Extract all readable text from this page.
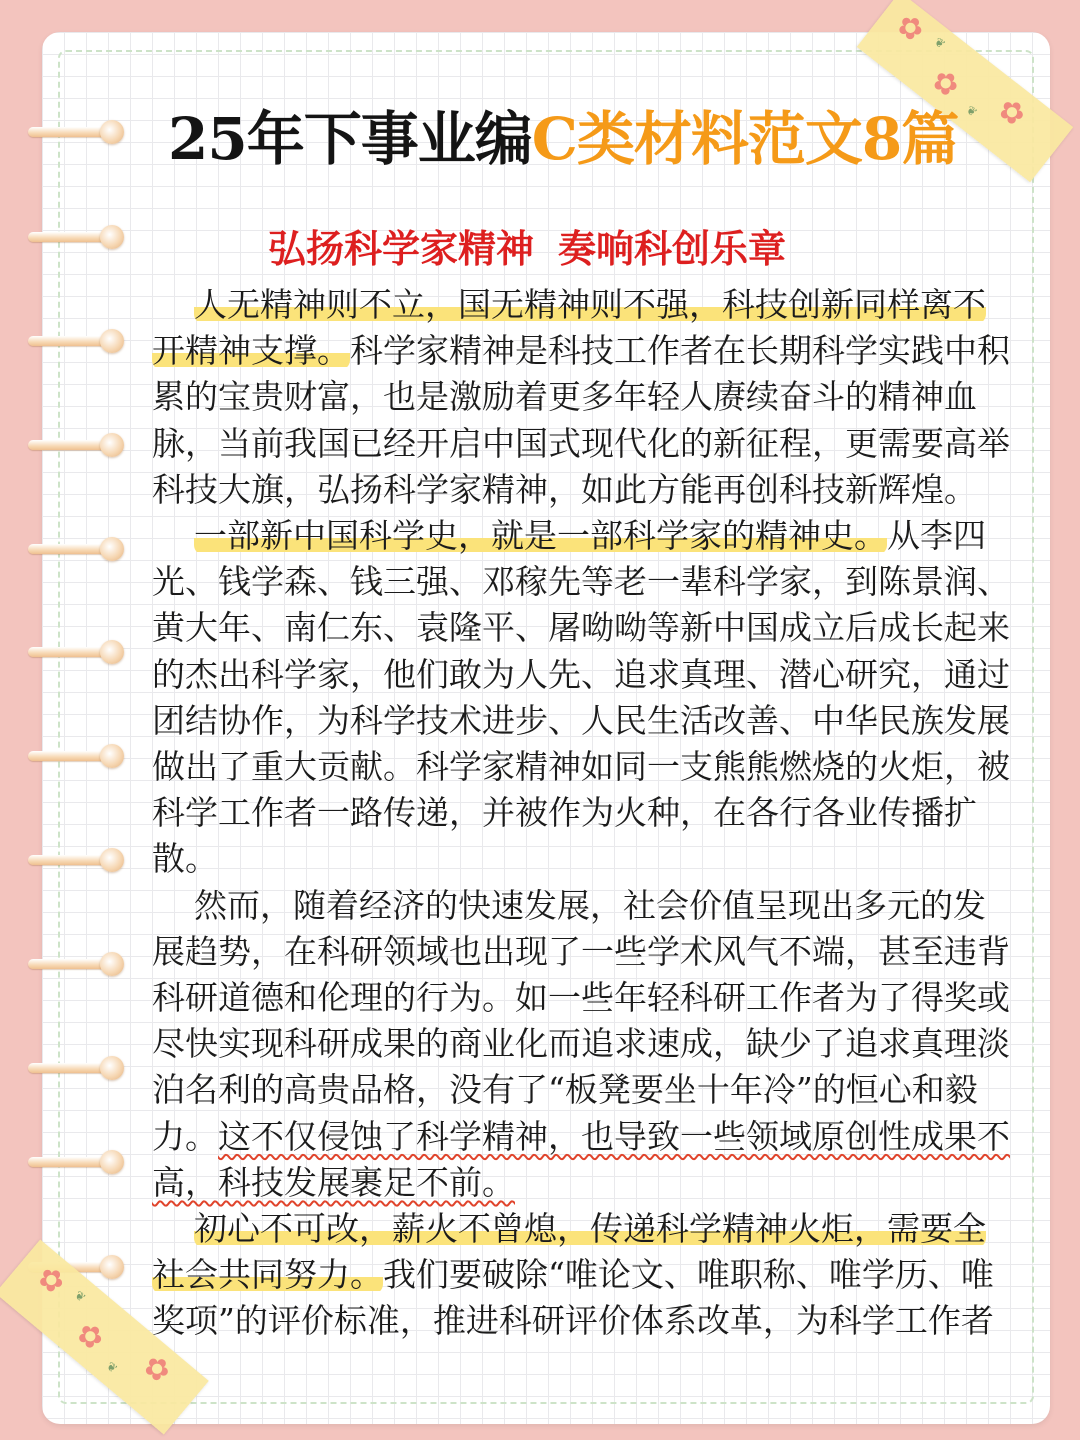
✿
✿
✿
❦
❦
✿
✿
✿
❦
❦
25年下事业编C类材料范文8篇
弘扬科学家精神 奏响科创乐章

人无精神则不立，国无精神则不强，科技创新同样离不开精神支撑。科学家精神是科技工作者在长期科学实践中积累的宝贵财富，也是激励着更多年轻人赓续奋斗的精神血脉，当前我国已经开启中国式现代化的新征程，更需要高举科技大旗，弘扬科学家精神，如此方能再创科技新辉煌。

一部新中国科学史，就是一部科学家的精神史。从李四光、钱学森、钱三强、邓稼先等老一辈科学家，到陈景润、黄大年、南仁东、袁隆平、屠呦呦等新中国成立后成长起来的杰出科学家，他们敢为人先、追求真理、潜心研究，通过团结协作，为科学技术进步、人民生活改善、中华民族发展做出了重大贡献。科学家精神如同一支熊熊燃烧的火炬，被科学工作者一路传递，并被作为火种，在各行各业传播扩散。

然而，随着经济的快速发展，社会价值呈现出多元的发展趋势，在科研领域也出现了一些学术风气不端，甚至违背科研道德和伦理的行为。如一些年轻科研工作者为了得奖或尽快实现科研成果的商业化而追求速成，缺少了追求真理淡泊名利的高贵品格，没有了“板凳要坐十年冷”的恒心和毅力。这不仅侵蚀了科学精神，也导致一些领域原创性成果不高，科技发展裹足不前。

初心不可改，薪火不曾熄，传递科学精神火炬，需要全社会共同努力。我们要破除“唯论文、唯职称、唯学历、唯奖项”的评价标准，推进科研评价体系改革，为科学工作者
